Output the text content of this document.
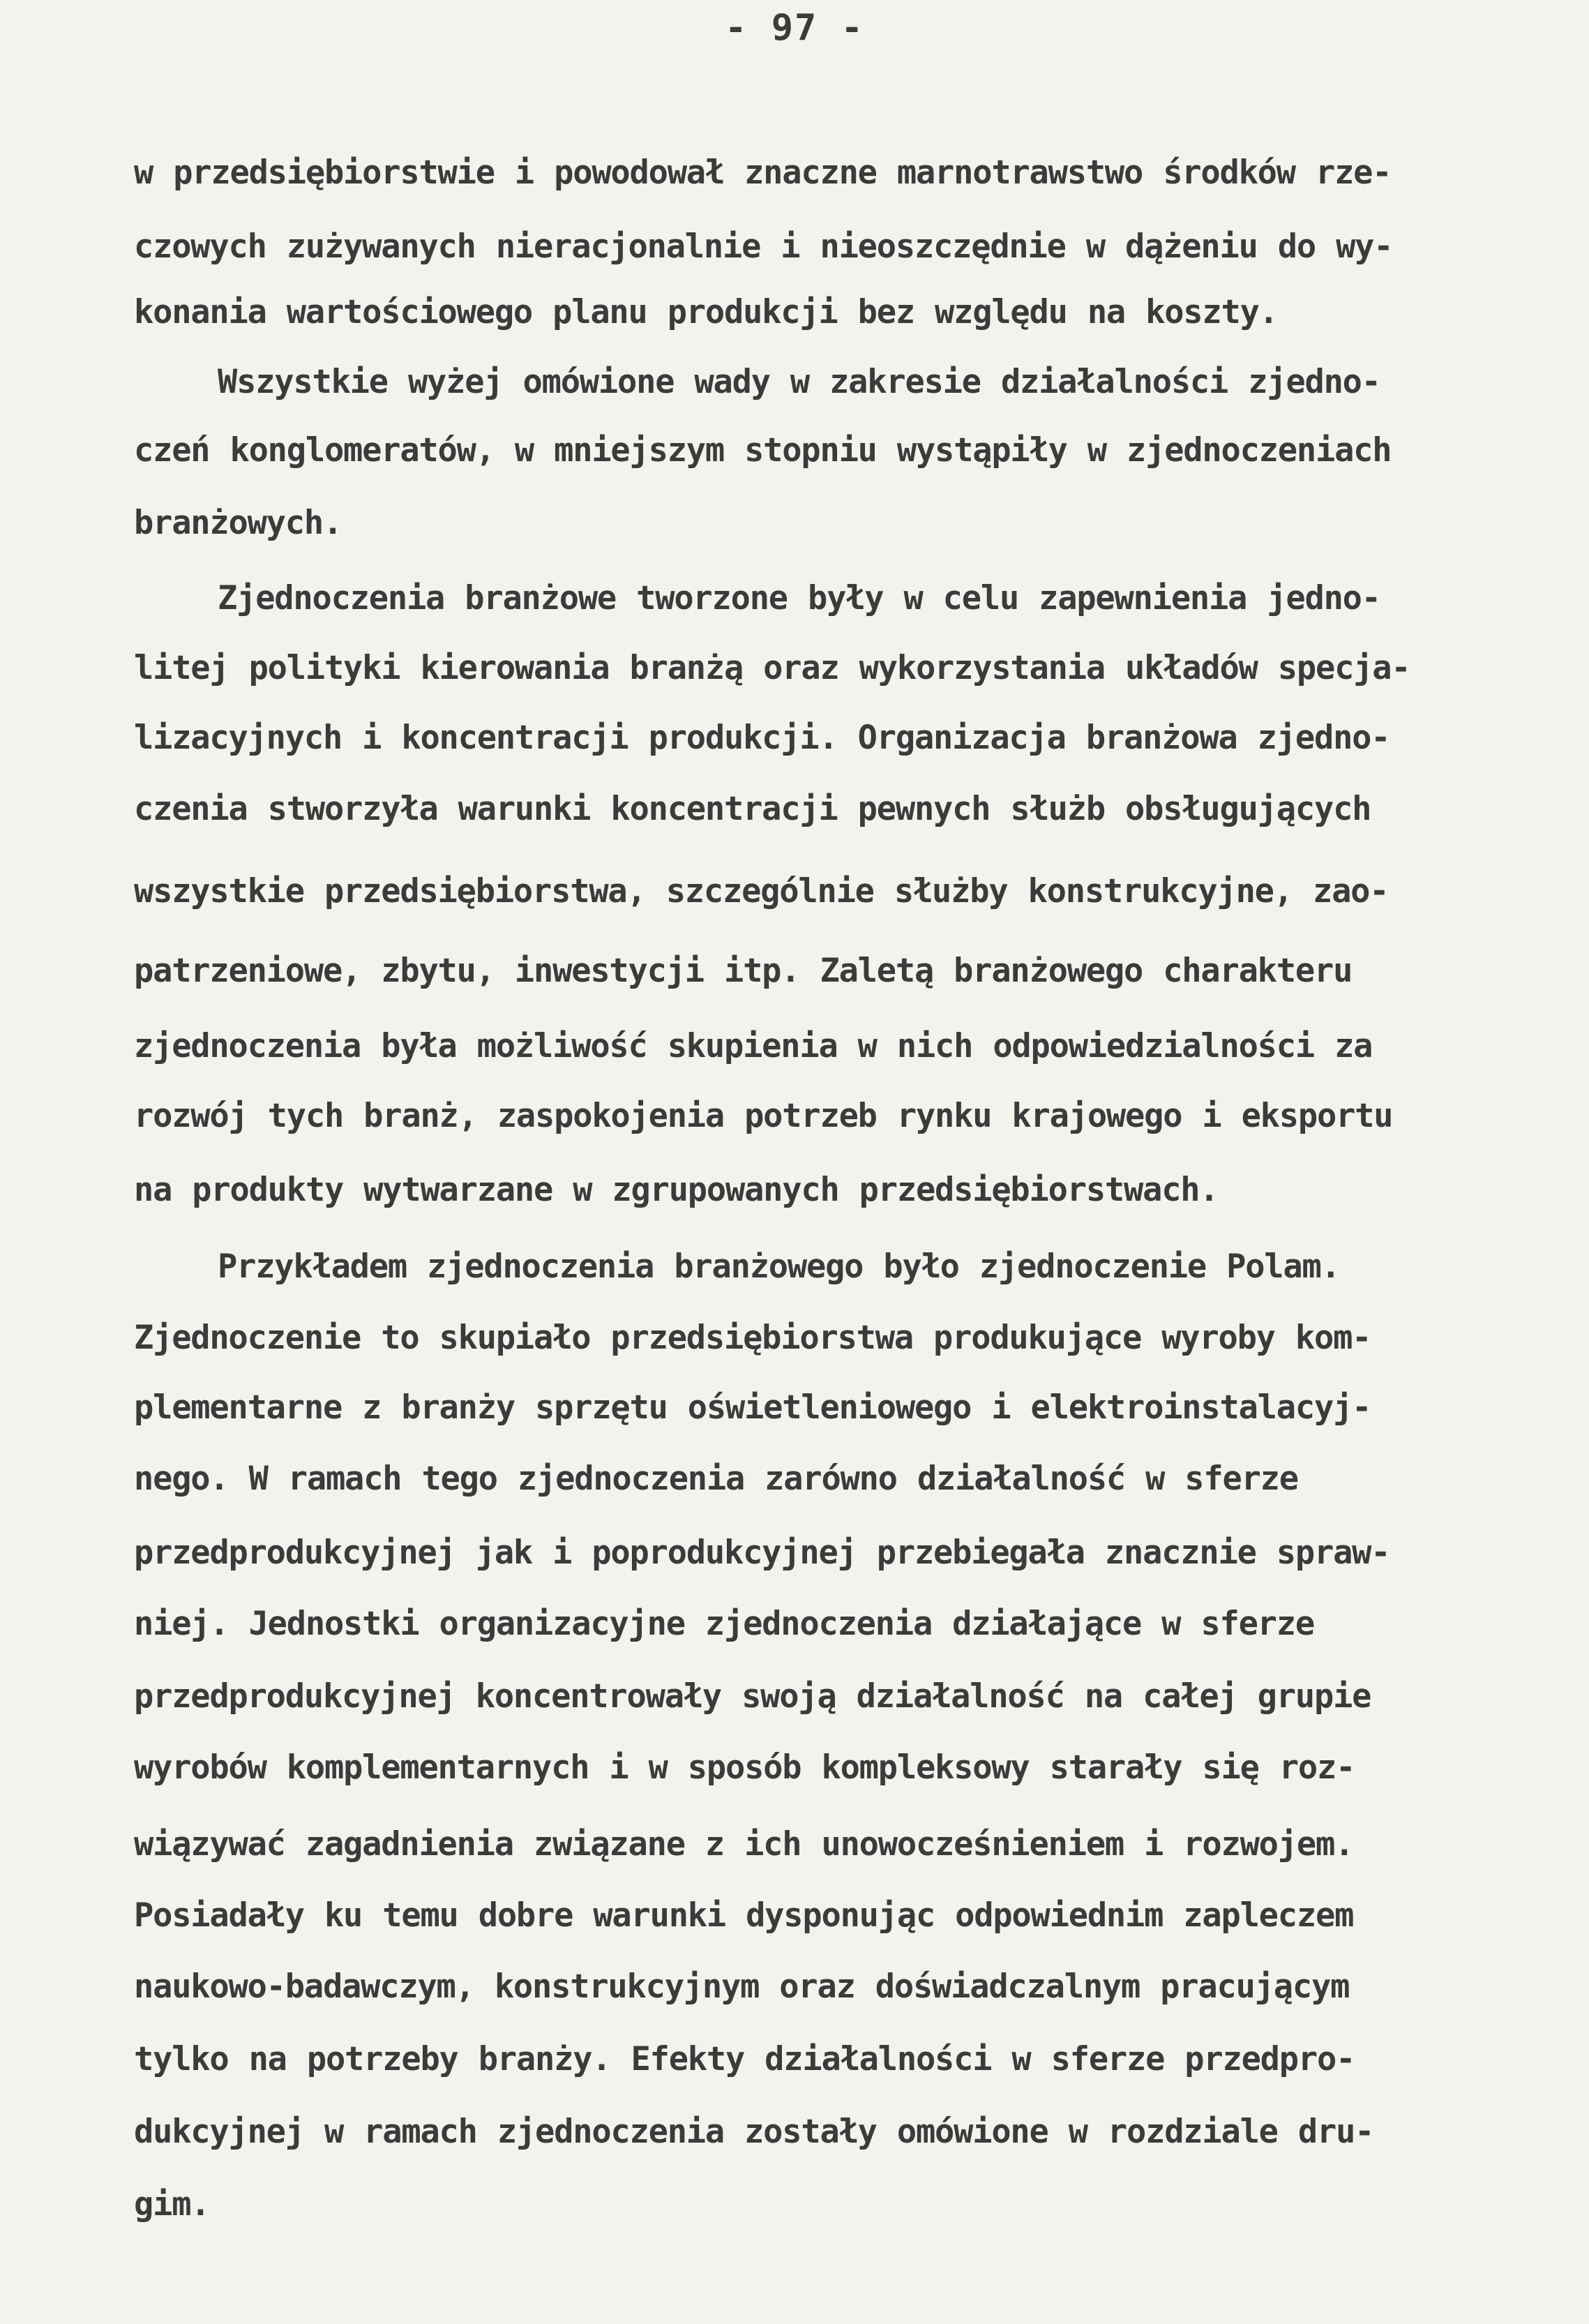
- 97 -
w przedsiębiorstwie i powodował znaczne marnotrawstwo środków rze-
czowych zużywanych nieracjonalnie i nieoszczędnie w dążeniu do wy-
konania wartościowego planu produkcji bez względu na koszty.
Wszystkie wyżej omówione wady w zakresie działalności zjedno-
czeń konglomeratów, w mniejszym stopniu wystąpiły w zjednoczeniach
branżowych.
Zjednoczenia branżowe tworzone były w celu zapewnienia jedno-
litej polityki kierowania branżą oraz wykorzystania układów specja-
lizacyjnych i koncentracji produkcji. Organizacja branżowa zjedno-
czenia stworzyła warunki koncentracji pewnych służb obsługujących
wszystkie przedsiębiorstwa, szczególnie służby konstrukcyjne, zao-
patrzeniowe, zbytu, inwestycji itp. Zaletą branżowego charakteru
zjednoczenia była możliwość skupienia w nich odpowiedzialności za
rozwój tych branż, zaspokojenia potrzeb rynku krajowego i eksportu
na produkty wytwarzane w zgrupowanych przedsiębiorstwach.
Przykładem zjednoczenia branżowego było zjednoczenie Polam.
Zjednoczenie to skupiało przedsiębiorstwa produkujące wyroby kom-
plementarne z branży sprzętu oświetleniowego i elektroinstalacyj-
nego. W ramach tego zjednoczenia zarówno działalność w sferze
przedprodukcyjnej jak i poprodukcyjnej przebiegała znacznie spraw-
niej. Jednostki organizacyjne zjednoczenia działające w sferze
przedprodukcyjnej koncentrowały swoją działalność na całej grupie
wyrobów komplementarnych i w sposób kompleksowy starały się roz-
wiązywać zagadnienia związane z ich unowocześnieniem i rozwojem.
Posiadały ku temu dobre warunki dysponując odpowiednim zapleczem
naukowo-badawczym, konstrukcyjnym oraz doświadczalnym pracującym
tylko na potrzeby branży. Efekty działalności w sferze przedpro-
dukcyjnej w ramach zjednoczenia zostały omówione w rozdziale dru-
gim.
